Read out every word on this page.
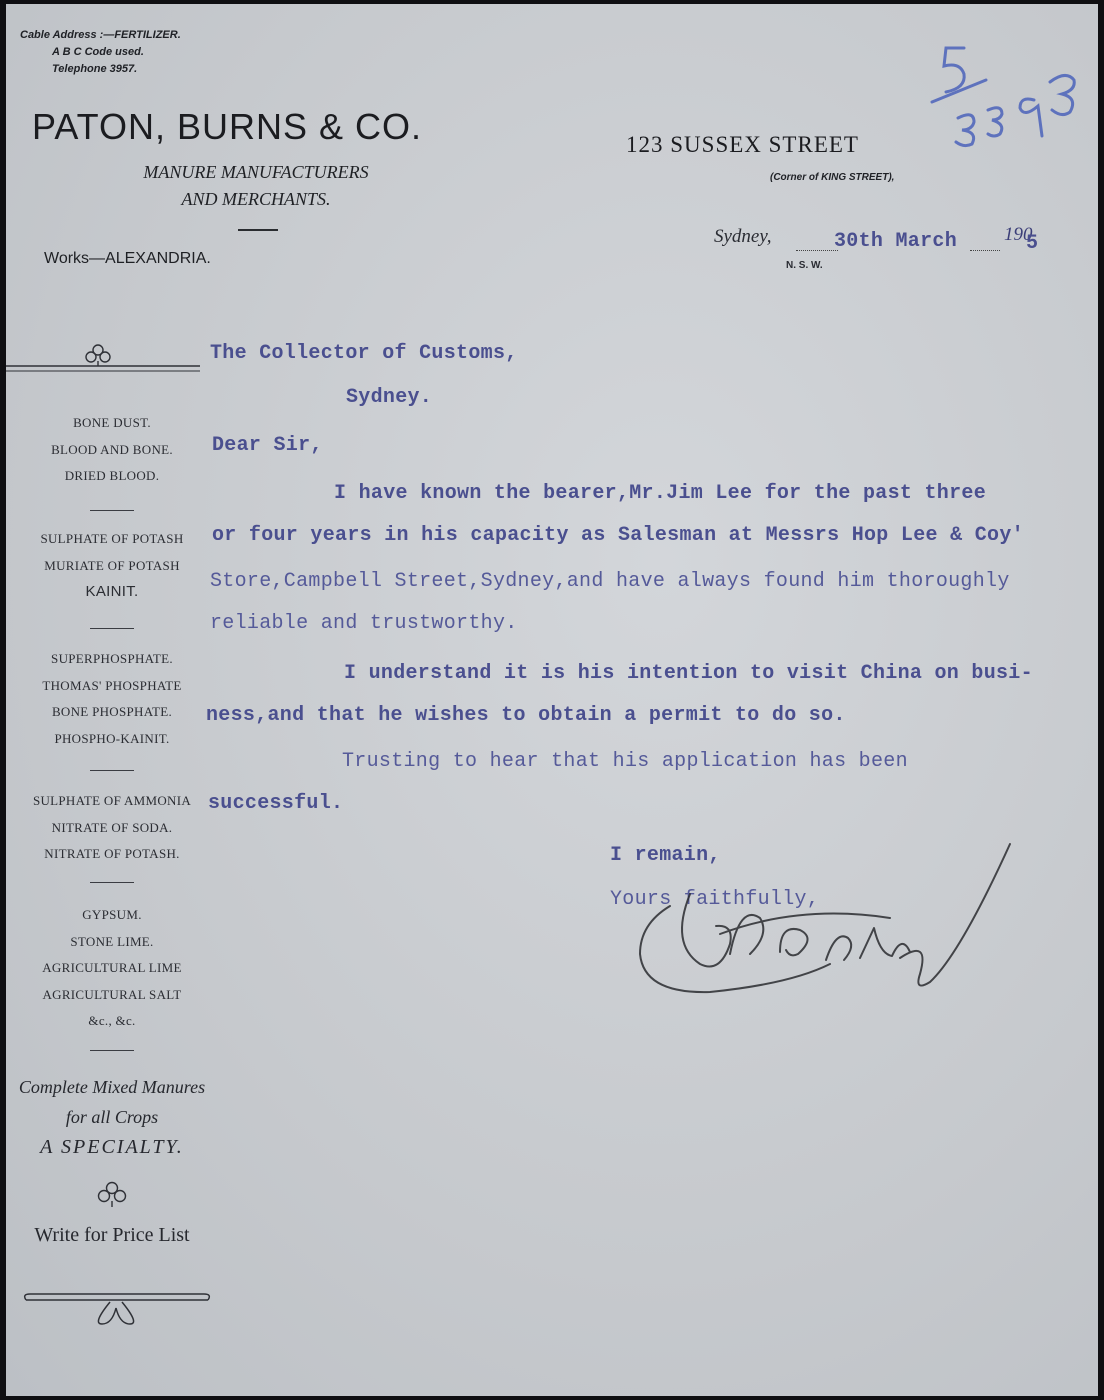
Cable Address :—FERTILIZER.
A B C Code used.
Telephone 3957.
PATON, BURNS & CO.
MANURE MANUFACTURERS
AND MERCHANTS.
Works—ALEXANDRIA.
123 SUSSEX STREET
(Corner of KING STREET),
Sydney,	30th March 190
5
N. S. W.
BONE DUST.
BLOOD AND BONE.
DRIED BLOOD.
SULPHATE OF POTASH
MURIATE OF POTASH
KAINIT.
SUPERPHOSPHATE.
THOMAS' PHOSPHATE
BONE PHOSPHATE.
PHOSPHO-KAINIT.
SULPHATE OF AMMONIA
NITRATE OF SODA.
NITRATE OF POTASH.
GYPSUM.
STONE LIME.
AGRICULTURAL LIME
AGRICULTURAL SALT
&c., &c.
Complete Mixed Manures
for all Crops
A SPECIALTY.
Write for Price List
The Collector of Customs,
Sydney.
Dear Sir,
I have known the bearer,Mr.Jim Lee for the past three
or four years in his capacity as Salesman at Messrs Hop Lee & Coy'
Store,Campbell Street,Sydney,and have always found him thoroughly
reliable and trustworthy.
I understand it is his intention to visit China on busi-
ness,and that he wishes to obtain a permit to do so.
Trusting to hear that his application has been
successful.
I remain,
Yours faithfully,
